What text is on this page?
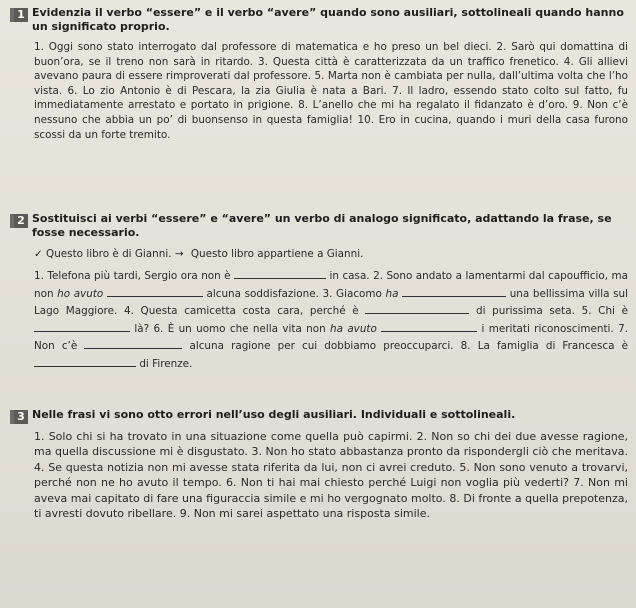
1 Evidenzia il verbo “essere” e il verbo “avere” quando sono ausiliari, sottolineali quando hanno un significato proprio.
1. Oggi sono stato interrogato dal professore di matematica e ho preso un bel dieci. 2. Sarò qui domattina di buon’ora, se il treno non sarà in ritardo. 3. Questa città è caratterizzata da un traffico frenetico. 4. Gli allievi avevano paura di essere rimproverati dal professore. 5. Marta non è cambiata per nulla, dall’ultima volta che l’ho vista. 6. Lo zio Antonio è di Pescara, la zia Giulia è nata a Bari. 7. Il ladro, essendo stato colto sul fatto, fu immediatamente arrestato e portato in prigione. 8. L’anello che mi ha regalato il fidanzato è d’oro. 9. Non c’è nessuno che abbia un po’ di buonsenso in questa famiglia! 10. Ero in cucina, quando i muri della casa furono scossi da un forte tremito.
2 Sostituisci ai verbi “essere” e “avere” un verbo di analogo significato, adattando la frase, se fosse necessario.
✓ Questo libro è di Gianni. → Questo libro appartiene a Gianni.
1. Telefona più tardi, Sergio ora non è	in casa. 2. Sono andato a lamentarmi dal capoufficio, ma non ho avuto	alcuna soddisfazione. 3. Giacomo ha	una bellissima villa sul Lago Maggiore. 4. Questa camicetta costa cara, perché è	di purissima seta. 5. Chi è  là? 6. È un uomo che nella vita non ha avuto	i meritati riconoscimenti. 7. Non c’è	alcuna ragione per cui dobbiamo preoccuparci. 8. La famiglia di Francesca è  di Firenze.
3 Nelle frasi vi sono otto errori nell’uso degli ausiliari. Individuali e sottolineali.
1. Solo chi si ha trovato in una situazione come quella può capirmi. 2. Non so chi dei due avesse ragione, ma quella discussione mi è disgustato. 3. Non ho stato abbastanza pronto da rispondergli ciò che meritava. 4. Se questa notizia non mi avesse stata riferita da lui, non ci avrei creduto. 5. Non sono venuto a trovarvi, perché non ne ho avuto il tempo. 6. Non ti hai mai chiesto perché Luigi non voglia più vederti? 7. Non mi aveva mai capitato di fare una figuraccia simile e mi ho vergognato molto. 8. Di fronte a quella prepotenza, ti avresti dovuto ribellare. 9. Non mi sarei aspettato una risposta simile.
